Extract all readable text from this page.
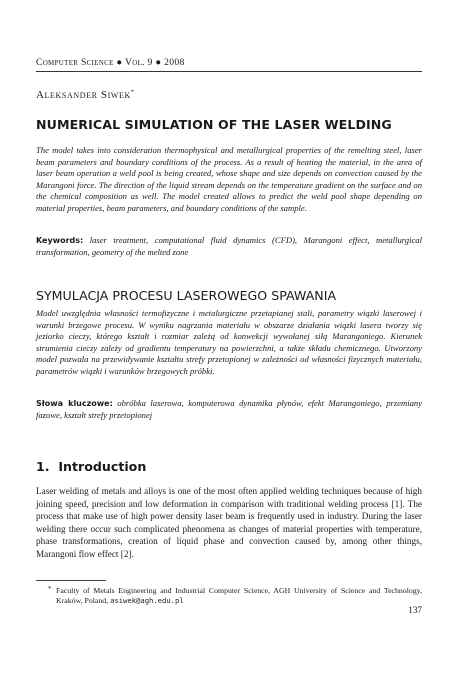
Computer Science ● Vol. 9 ● 2008
Aleksander Siwek*
NUMERICAL SIMULATION OF THE LASER WELDING
The model takes into consideration thermophysical and metallurgical properties of the remelting steel, laser beam parameters and boundary conditions of the process. As a result of heating the material, in the area of laser beam operation a weld pool is being created, whose shape and size depends on convection caused by the Marangoni force. The direction of the liquid stream depends on the temperature gradient on the surface and on the chemical composition as well. The model created allows to predict the weld pool shape depending on material properties, beam parameters, and boundary conditions of the sample.
Keywords: laser treatment, computational fluid dynamics (CFD), Marangoni effect, metallurgical transformation, geometry of the melted zone
SYMULACJA PROCESU LASEROWEGO SPAWANIA
Model uwzględnia własności termofizyczne i metalurgiczne przetapianej stali, parametry wiązki laserowej i warunki brzegowe procesu. W wyniku nagrzania materiału w obszarze działania wiązki lasera tworzy się jeziorko cieczy, którego kształt i rozmiar zależą od konwekcji wywołanej siłą Marangoniego. Kierunek strumienia cieczy zależy od gradientu temperatury na powierzchni, a także składu chemicznego. Utworzony model pozwala na przewidywanie kształtu strefy przetopionej w zależności od własności fizycznych materiału, parametrów wiązki i warunków brzegowych próbki.
Słowa kluczowe: obróbka laserowa, komputerowa dynamika płynów, efekt Marangoniego, przemiany fazowe, kształt strefy przetopionej
1. Introduction
Laser welding of metals and alloys is one of the most often applied welding techniques because of high joining speed, precision and low deformation in comparison with traditional welding process [1]. The process that make use of high power density laser beam is frequently used in industry. During the laser welding there occur such complicated phenomena as changes of material properties with temperature, phase transformations, creation of liquid phase and convection caused by, among other things, Marangoni flow effect [2].
* Faculty of Metals Engineering and Industrial Computer Science, AGH University of Science and Technology, Kraków, Poland, asiwek@agh.edu.pl
137
